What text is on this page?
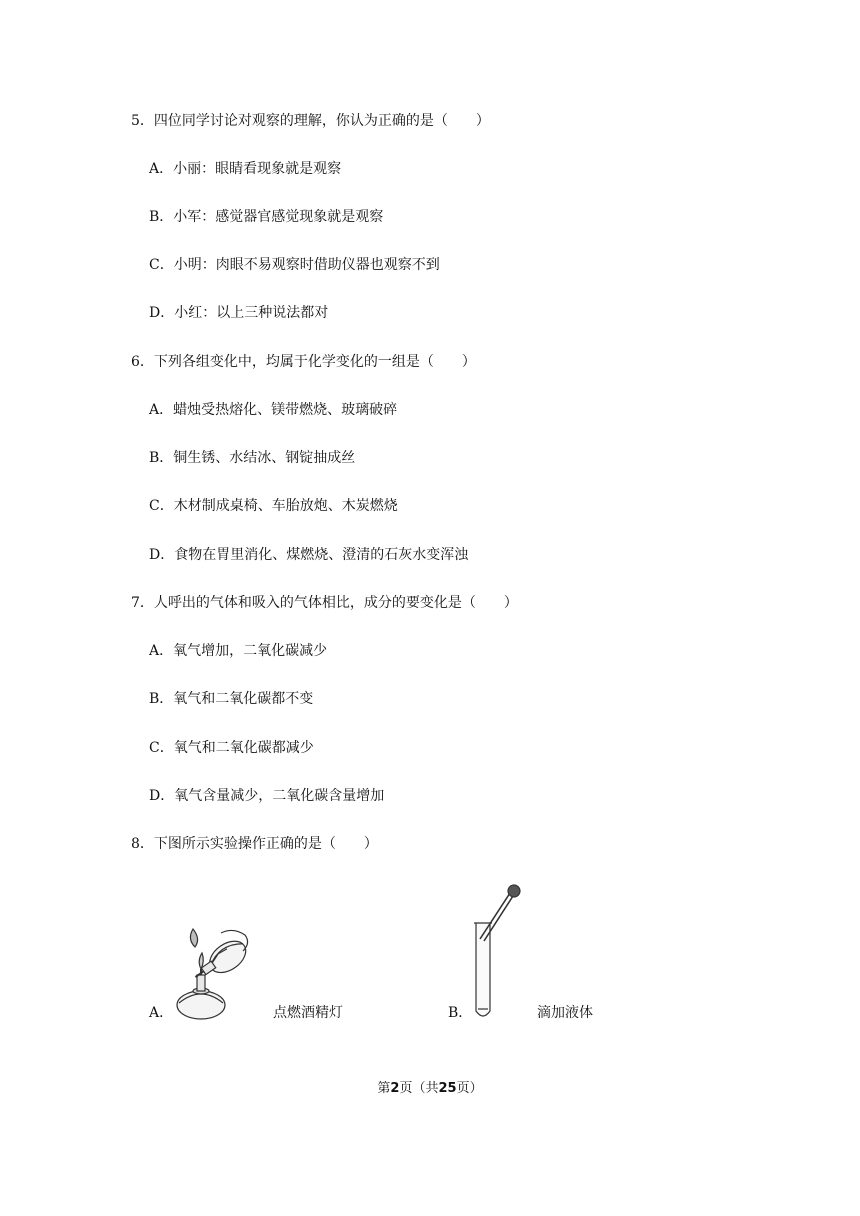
5．四位同学讨论对观察的理解，你认为正确的是（　　）
A．小丽：眼睛看现象就是观察
B．小军：感觉器官感觉现象就是观察
C．小明：肉眼不易观察时借助仪器也观察不到
D．小红：以上三种说法都对
6．下列各组变化中，均属于化学变化的一组是（　　）
A．蜡烛受热熔化、镁带燃烧、玻璃破碎
B．铜生锈、水结冰、钢锭抽成丝
C．木材制成桌椅、车胎放炮、木炭燃烧
D．食物在胃里消化、煤燃烧、澄清的石灰水变浑浊
7．人呼出的气体和吸入的气体相比，成分的要变化是（　　）
A．氧气增加，二氧化碳减少
B．氧气和二氧化碳都不变
C．氧气和二氧化碳都减少
D．氧气含量减少，二氧化碳含量增加
8．下图所示实验操作正确的是（　　）
A．	点燃酒精灯	B．	滴加液体
第2页（共25页）
